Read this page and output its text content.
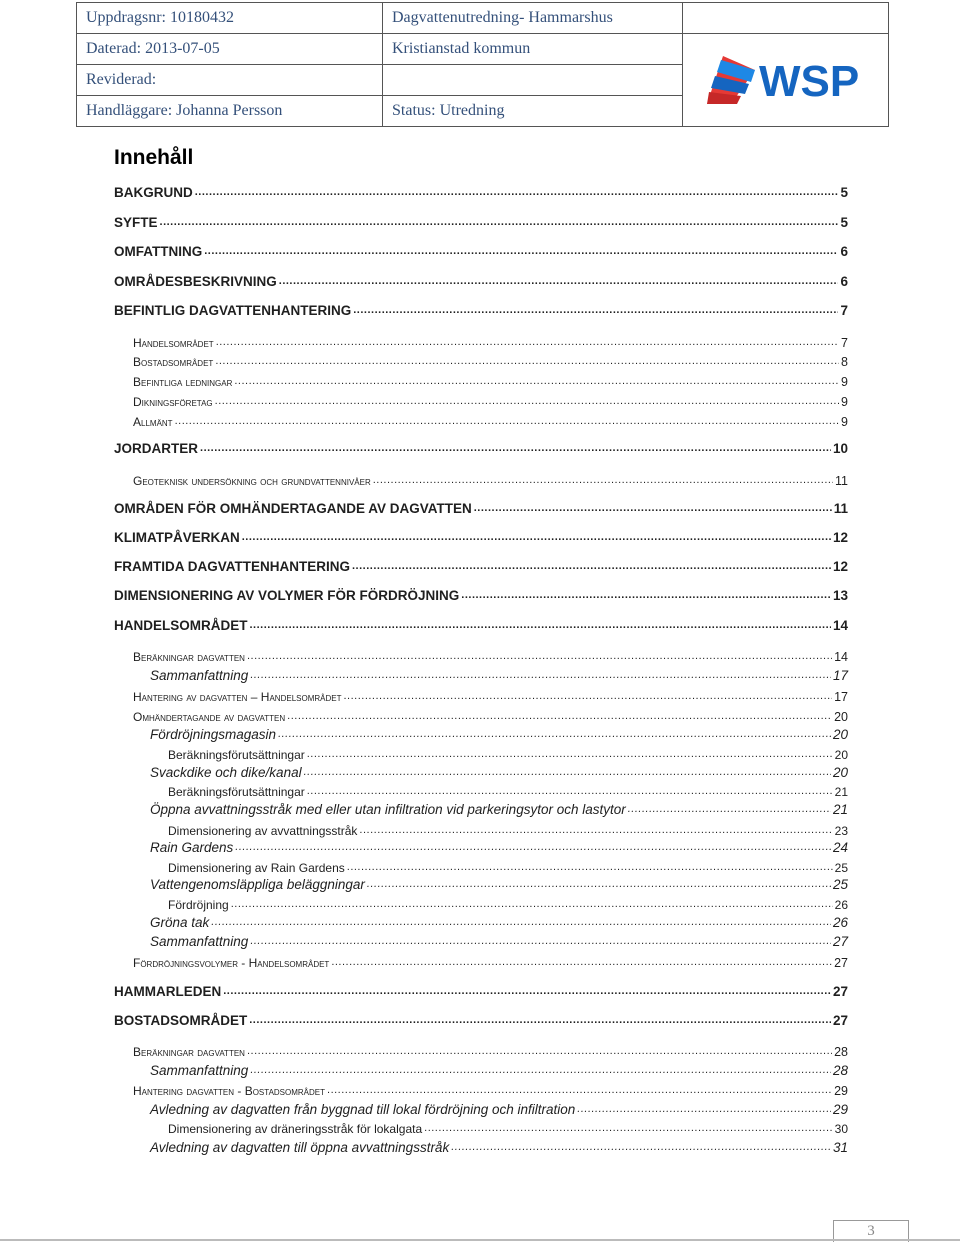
Uppdragsnr: 10180432	Dagvattenutredning- Hammarshus	
Daterad: 2013-07-05	Kristianstad kommun	WSP

Reviderad:		
Handläggare: Johanna Persson	Status: Utredning	
Innehåll
BAKGRUND .....	5
SYFTE .....	5
OMFATTNING .....	6
OMRÅDESBESKRIVNING .....	6
BEFINTLIG DAGVATTENHANTERING .....	7
Handelsområdet .....	7
Bostadsområdet .....	8
Befintliga ledningar .....	9
Dikningsföretag .....	9
Allmänt .....	9
JORDARTER .....	10
Geoteknisk undersökning och grundvattennivåer .....	11
OMRÅDEN FÖR OMHÄNDERTAGANDE AV DAGVATTEN .....	11
KLIMATPÅVERKAN .....	12
FRAMTIDA DAGVATTENHANTERING .....	12
DIMENSIONERING AV VOLYMER FÖR FÖRDRÖJNING .....	13
HANDELSOMRÅDET .....	14
Beräkningar dagvatten .....	14
Sammanfattning .....	17
Hantering av dagvatten – Handelsområdet .....	17
Omhändertagande av dagvatten .....	20
Fördröjningsmagasin .....	20
Beräkningsförutsättningar .....	20
Svackdike och dike/kanal .....	20
Beräkningsförutsättningar .....	21
Öppna avvattningsstråk med eller utan infiltration vid parkeringsytor och lastytor .....	21
Dimensionering av avvattningsstråk .....	23
Rain Gardens .....	24
Dimensionering av Rain Gardens .....	25
Vattengenomsläppliga beläggningar .....	25
Fördröjning .....	26
Gröna tak .....	26
Sammanfattning .....	27
Fördröjningsvolymer - Handelsområdet .....	27
HAMMARLEDEN .....	27
BOSTADSOMRÅDET .....	27
Beräkningar dagvatten .....	28
Sammanfattning .....	28
Hantering dagvatten - Bostadsområdet .....	29
Avledning av dagvatten från byggnad till lokal fördröjning och infiltration .....	29
Dimensionering av dräneringsstråk för lokalgata .....	30
Avledning av dagvatten till öppna avvattningsstråk .....	31
3
